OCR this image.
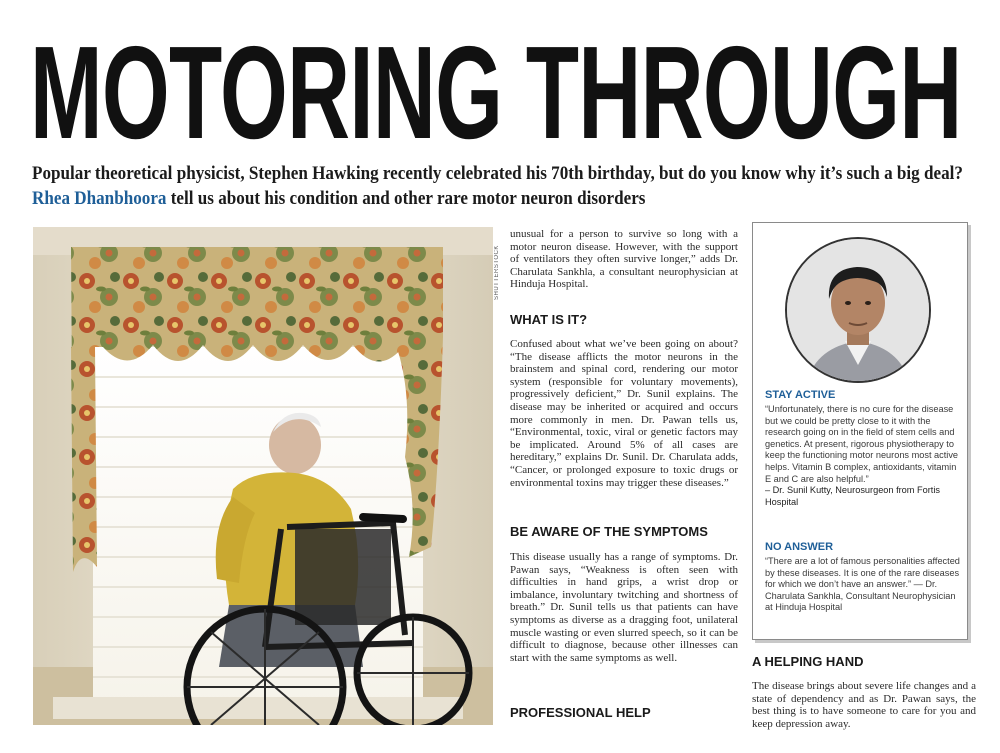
MOTORING THROUGH
Popular theoretical physicist, Stephen Hawking recently celebrated his 70th birthday, but do you know why it’s such a big deal?
Rhea Dhanbhoora tell us about his condition and other rare motor neuron disorders
SHUTTERSTOCK

unusual for a person to survive so long with a motor neuron disease. However, with the support of ventilators they often survive longer,” adds Dr. Charulata Sankhla, a consultant neurophysician at Hinduja Hospital.

WHAT IS IT?

Confused about what we’ve been going on about? “The disease afflicts the motor neurons in the brainstem and spinal cord, rendering our motor system (responsible for voluntary movements), progressively deficient,” Dr. Sunil explains. The disease may be inherited or acquired and occurs more commonly in men. Dr. Pawan tells us, “Environmental, toxic, viral or genetic factors may be implicated. Around 5% of all cases are hereditary,” explains Dr. Sunil. Dr. Charulata adds, “Cancer, or prolonged exposure to toxic drugs or environmental toxins may trigger these diseases.”

BE AWARE OF THE SYMPTOMS

This disease usually has a range of symptoms. Dr. Pawan says, “Weakness is often seen with difficulties in hand grips, a wrist drop or imbalance, involuntary twitching and shortness of breath.” Dr. Sunil tells us that patients can have symptoms as diverse as a dragging foot, unilateral muscle wasting or even slurred speech, so it can be difficult to diagnose, because other illnesses can start with the same symptoms as well.

PROFESSIONAL HELP
STAY ACTIVE

“Unfortunately, there is no cure for the disease but we could be pretty close to it with the research going on in the field of stem cells and genetics. At present, rigorous physiotherapy to keep the functioning motor neurons most active helps. Vitamin B complex, antioxidants, vitamin E and C are also helpful.”
– Dr. Sunil Kutty, Neurosurgeon from Fortis Hospital

NO ANSWER

“There are a lot of famous personalities affected by these diseases. It is one of the rare diseases for which we don’t have an answer.” — Dr. Charulata Sankhla, Consultant Neurophysician at Hinduja Hospital

A HELPING HAND

The disease brings about severe life changes and a state of dependency and as Dr. Pawan says, the best thing is to have someone to care for you and keep depression away.
